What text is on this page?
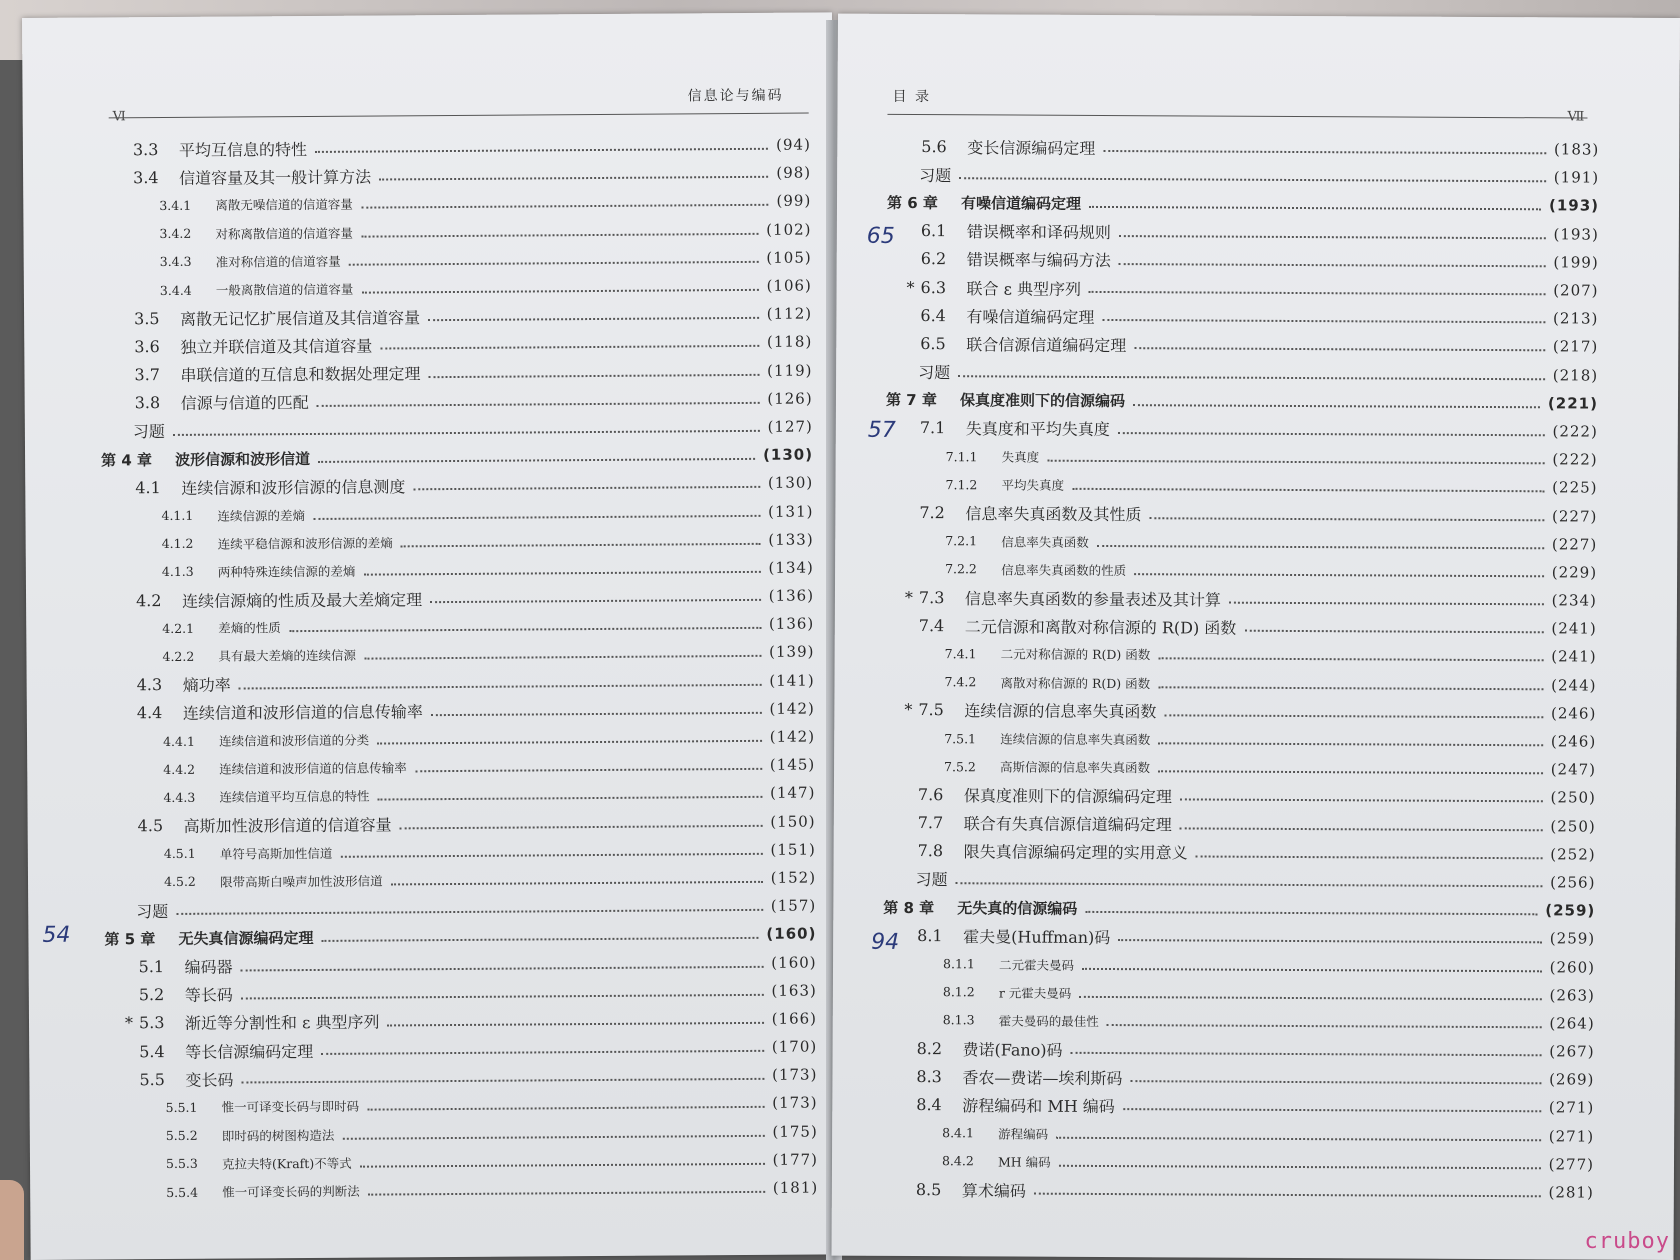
信息论与编码
Ⅵ
3.3	平均互信息的特性	(94)
3.4	信道容量及其一般计算方法	(98)
3.4.1	离散无噪信道的信道容量	(99)
3.4.2	对称离散信道的信道容量	(102)
3.4.3	准对称信道的信道容量	(105)
3.4.4	一般离散信道的信道容量	(106)
3.5	离散无记忆扩展信道及其信道容量	(112)
3.6	独立并联信道及其信道容量	(118)
3.7	串联信道的互信息和数据处理定理	(119)
3.8	信源与信道的匹配	(126)
习题	(127)
第 4 章	波形信源和波形信道	(130)
4.1	连续信源和波形信源的信息测度	(130)
4.1.1	连续信源的差熵	(131)
4.1.2	连续平稳信源和波形信源的差熵	(133)
4.1.3	两种特殊连续信源的差熵	(134)
4.2	连续信源熵的性质及最大差熵定理	(136)
4.2.1	差熵的性质	(136)
4.2.2	具有最大差熵的连续信源	(139)
4.3	熵功率	(141)
4.4	连续信道和波形信道的信息传输率	(142)
4.4.1	连续信道和波形信道的分类	(142)
4.4.2	连续信道和波形信道的信息传输率	(145)
4.4.3	连续信道平均互信息的特性	(147)
4.5	高斯加性波形信道的信道容量	(150)
4.5.1	单符号高斯加性信道	(151)
4.5.2	限带高斯白噪声加性波形信道	(152)
习题	(157)
第 5 章	无失真信源编码定理	(160)
5.1	编码器	(160)
5.2	等长码	(163)
* 5.3	渐近等分割性和 ε 典型序列	(166)
5.4	等长信源编码定理	(170)
5.5	变长码	(173)
5.5.1	惟一可译变长码与即时码	(173)
5.5.2	即时码的树图构造法	(175)
5.5.3	克拉夫特(Kraft)不等式	(177)
5.5.4	惟一可译变长码的判断法	(181)
54
目 录
Ⅶ
5.6	变长信源编码定理	(183)
习题	(191)
第 6 章	有噪信道编码定理	(193)
6.1	错误概率和译码规则	(193)
6.2	错误概率与编码方法	(199)
* 6.3	联合 ε 典型序列	(207)
6.4	有噪信道编码定理	(213)
6.5	联合信源信道编码定理	(217)
习题	(218)
第 7 章	保真度准则下的信源编码	(221)
7.1	失真度和平均失真度	(222)
7.1.1	失真度	(222)
7.1.2	平均失真度	(225)
7.2	信息率失真函数及其性质	(227)
7.2.1	信息率失真函数	(227)
7.2.2	信息率失真函数的性质	(229)
* 7.3	信息率失真函数的参量表述及其计算	(234)
7.4	二元信源和离散对称信源的 R(D) 函数	(241)
7.4.1	二元对称信源的 R(D) 函数	(241)
7.4.2	离散对称信源的 R(D) 函数	(244)
* 7.5	连续信源的信息率失真函数	(246)
7.5.1	连续信源的信息率失真函数	(246)
7.5.2	高斯信源的信息率失真函数	(247)
7.6	保真度准则下的信源编码定理	(250)
7.7	联合有失真信源信道编码定理	(250)
7.8	限失真信源编码定理的实用意义	(252)
习题	(256)
第 8 章	无失真的信源编码	(259)
8.1	霍夫曼(Huffman)码	(259)
8.1.1	二元霍夫曼码	(260)
8.1.2	r 元霍夫曼码	(263)
8.1.3	霍夫曼码的最佳性	(264)
8.2	费诺(Fano)码	(267)
8.3	香农—费诺—埃利斯码	(269)
8.4	游程编码和 MH 编码	(271)
8.4.1	游程编码	(271)
8.4.2	MH 编码	(277)
8.5	算术编码	(281)
65
57
94
cruboy
